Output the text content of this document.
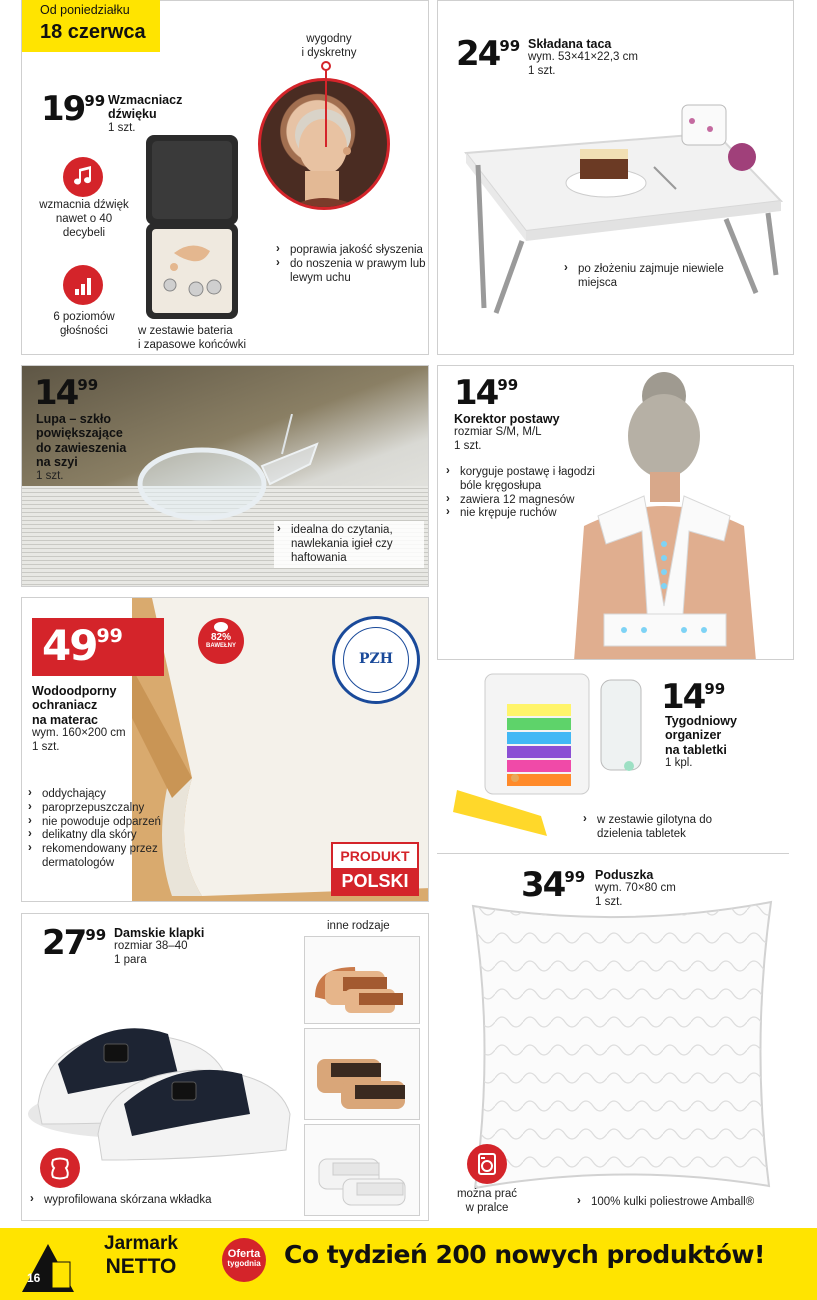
wygodny
i dyskretny
1999 Wzmacniacz
dźwięku
1 szt.
wzmacnia dźwięk
nawet o 40
decybeli
6 poziomów
głośności	w zestawie bateria
i zapasowe końcówki
› poprawia jakość słyszenia
› do noszenia w prawym lub lewym uchu
2499 Składana taca
wym. 53×41×22,3 cm
1 szt.
› po złożeniu zajmuje niewiele miejsca
1499
Lupa – szkło
powiększające
do zawieszenia
na szyi
1 szt.
› idealna do czytania, nawlekania igieł czy haftowania
1499
Korektor postawy
rozmiar S/M, M/L
1 szt.
› koryguje postawę i łagodzi bóle kręgosłupa
› zawiera 12 magnesów
› nie krępuje ruchów
4999	82%
BAWEŁNY
PZH
Wodoodporny
ochraniacz
na materac
wym. 160×200 cm
1 szt.
› oddychający
› paroprzepuszczalny
› nie powoduje odparzeń
› delikatny dla skóry
› rekomendowany przez dermatologów	PRODUKT
POLSKI
1499
Tygodniowy
organizer
na tabletki
1 kpl.
› w zestawie gilotyna do dzielenia tabletek
3499 Poduszka
wym. 70×80 cm
1 szt.
można prać
w pralce
›	100% kulki poliestrowe Amball®
2799 Damskie klapki
rozmiar 38–40
1 para
inne rodzaje
› wyprofilowana skórzana wkładka
Od poniedziałku
18 czerwca
16
Jarmark
NETTO
Oferta
tygodnia Co tydzień 200 nowych produktów!
